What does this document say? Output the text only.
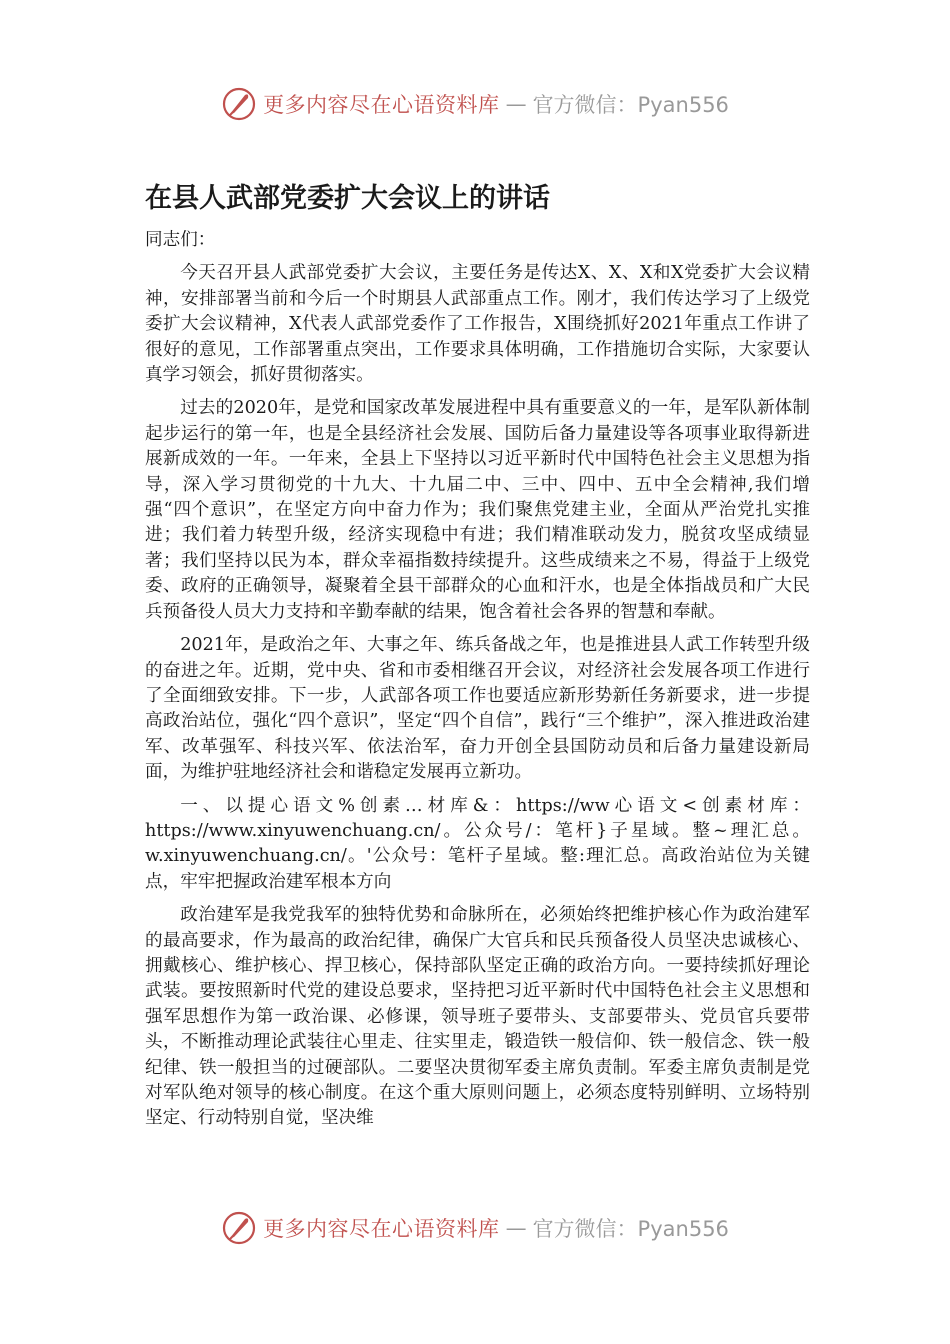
更多内容尽在心语资料库 — 官方微信：Pyan556
在县人武部党委扩大会议上的讲话

同志们：

今天召开县人武部党委扩大会议，主要任务是传达X、X、X和X党委扩大会议精神，安排部署当前和今后一个时期县人武部重点工作。刚才，我们传达学习了上级党委扩大会议精神，X代表人武部党委作了工作报告，X围绕抓好2021年重点工作讲了很好的意见，工作部署重点突出，工作要求具体明确，工作措施切合实际，大家要认真学习领会，抓好贯彻落实。

过去的2020年，是党和国家改革发展进程中具有重要意义的一年，是军队新体制起步运行的第一年，也是全县经济社会发展、国防后备力量建设等各项事业取得新进展新成效的一年。一年来，全县上下坚持以习近平新时代中国特色社会主义思想为指导，深入学习贯彻党的十九大、十九届二中、三中、四中、五中全会精神,我们增强“四个意识”，在坚定方向中奋力作为；我们聚焦党建主业，全面从严治党扎实推进；我们着力转型升级，经济实现稳中有进；我们精准联动发力，脱贫攻坚成绩显著；我们坚持以民为本，群众幸福指数持续提升。这些成绩来之不易，得益于上级党委、政府的正确领导，凝聚着全县干部群众的心血和汗水，也是全体指战员和广大民兵预备役人员大力支持和辛勤奉献的结果，饱含着社会各界的智慧和奉献。

2021年，是政治之年、大事之年、练兵备战之年，也是推进县人武工作转型升级的奋进之年。近期，党中央、省和市委相继召开会议，对经济社会发展各项工作进行了全面细致安排。下一步，人武部各项工作也要适应新形势新任务新要求，进一步提高政治站位，强化“四个意识”，坚定“四个自信”，践行“三个维护”，深入推进政治建军、改革强军、科技兴军、依法治军，奋力开创全县国防动员和后备力量建设新局面，为维护驻地经济社会和谐稳定发展再立新功。

一、以提心语文%创素…材库&：https://ww心语文<创素材库：https://www.xinyuwenchuang.cn/。公众号/：笔杆}子星域。整~理汇总。w.xinyuwenchuang.cn/。'公众号：笔杆子星域。整:理汇总。高政治站位为关键点，牢牢把握政治建军根本方向

政治建军是我党我军的独特优势和命脉所在，必须始终把维护核心作为政治建军的最高要求，作为最高的政治纪律，确保广大官兵和民兵预备役人员坚决忠诚核心、拥戴核心、维护核心、捍卫核心，保持部队坚定正确的政治方向。一要持续抓好理论武装。要按照新时代党的建设总要求，坚持把习近平新时代中国特色社会主义思想和强军思想作为第一政治课、必修课，领导班子要带头、支部要带头、党员官兵要带头，不断推动理论武装往心里走、往实里走，锻造铁一般信仰、铁一般信念、铁一般纪律、铁一般担当的过硬部队。二要坚决贯彻军委主席负责制。军委主席负责制是党对军队绝对领导的核心制度。在这个重大原则问题上，必须态度特别鲜明、立场特别坚定、行动特别自觉，坚决维

更多内容尽在心语资料库 — 官方微信：Pyan556
